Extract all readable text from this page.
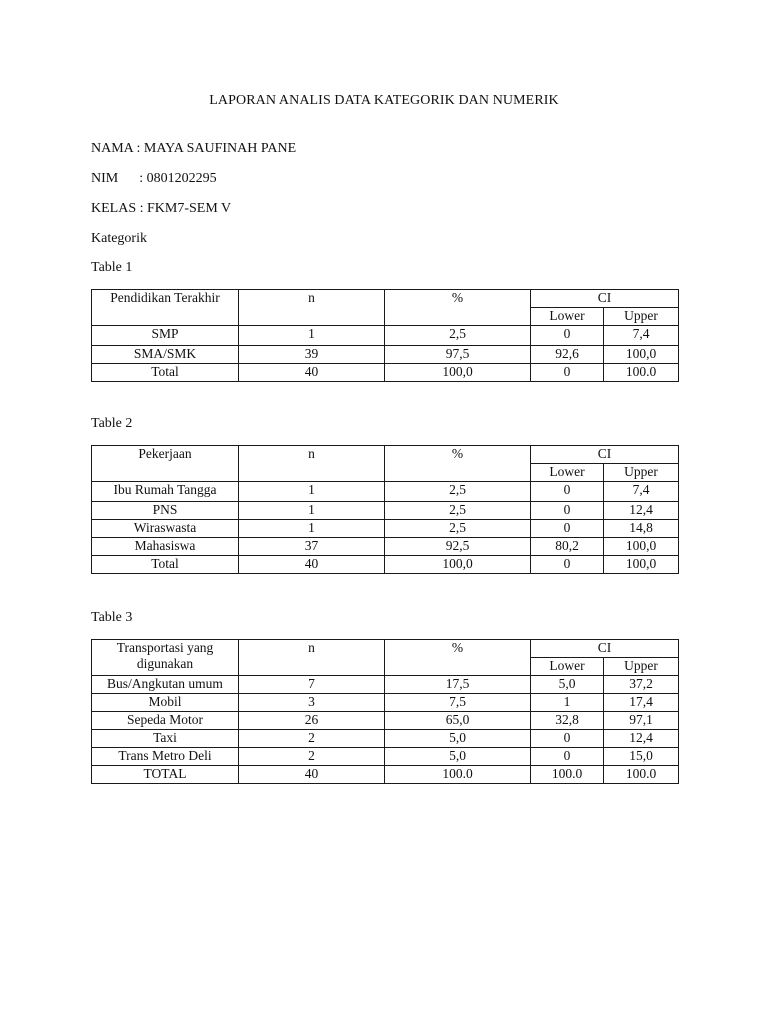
LAPORAN ANALIS DATA KATEGORIK DAN NUMERIK
NAMA : MAYA SAUFINAH PANE
NIM      : 0801202295
KELAS : FKM7-SEM V
Kategorik
Table 1
Pendidikan Terakhir	n	%	CI	
			Lower	Upper
SMP	1	2,5	0	7,4
SMA/SMK	39	97,5	92,6	100,0
Total	40	100,0	0	100.0
Table 2
Pekerjaan	n	%	CI	
			Lower	Upper
Ibu Rumah Tangga	1	2,5	0	7,4
PNS	1	2,5	0	12,4
Wiraswasta	1	2,5	0	14,8
Mahasiswa	37	92,5	80,2	100,0
Total	40	100,0	0	100,0
Table 3
Transportasi yang digunakan	n	%	CI	
			Lower	Upper
Bus/Angkutan umum	7	17,5	5,0	37,2
Mobil	3	7,5	1	17,4
Sepeda Motor	26	65,0	32,8	97,1
Taxi	2	5,0	0	12,4
Trans Metro Deli	2	5,0	0	15,0
TOTAL	40	100.0	100.0	100.0
